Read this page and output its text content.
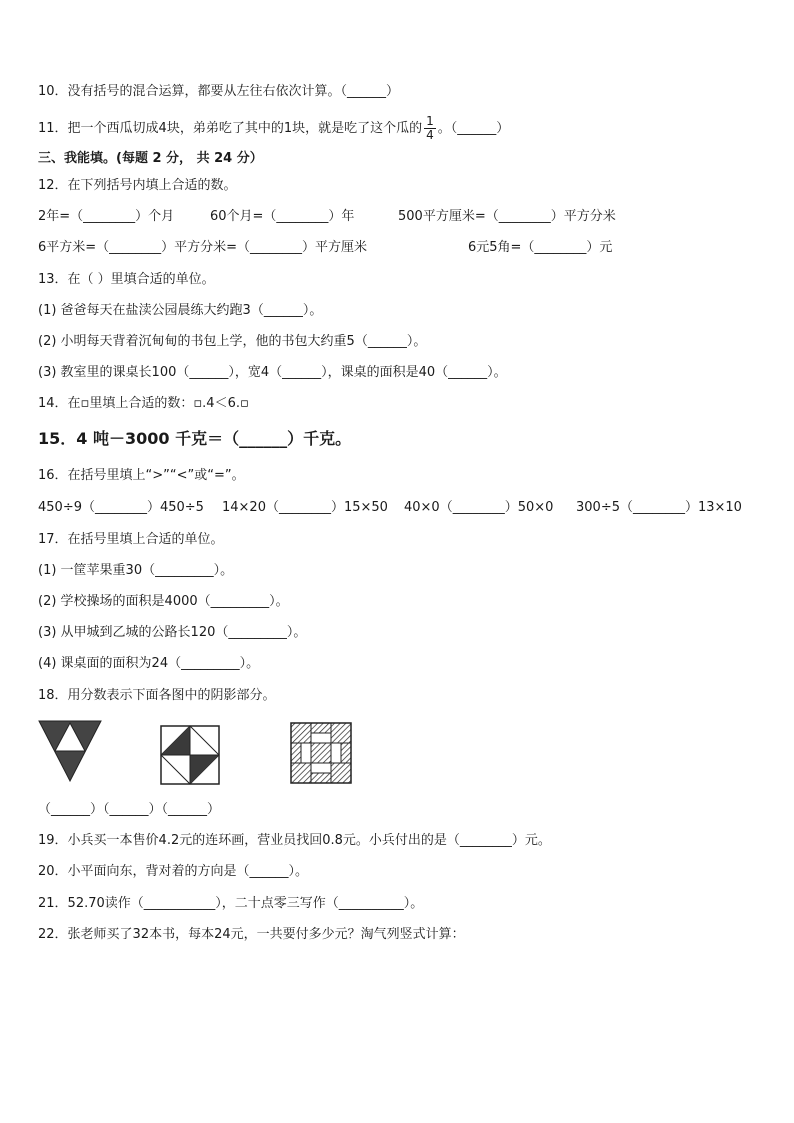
10．没有括号的混合运算，都要从左往右依次计算。（______）
11．把一个西瓜切成4块，弟弟吃了其中的1块，就是吃了这个瓜的 $\frac{1}{4}$ 。（______）
三、我能填。(每题 2 分， 共 24 分）
12．在下列括号内填上合适的数。
2年=（________）个月	60个月=（________）年	500平方厘米=（________）平方分米
6平方米=（________）平方分米=（________）平方厘米	6元5角=（________）元
13．在（ ）里填合适的单位。
(1) 爸爸每天在盐渎公园晨练大约跑3（______）。
(2) 小明每天背着沉甸甸的书包上学，他的书包大约重5（______）。
(3) 教室里的课桌长100（______），宽4（______），课桌的面积是40（______）。
14．在▫里填上合适的数：▫.4＜6.▫
15．4 吨－3000 千克＝（______）千克。
16．在括号里填上“>”“<”或“=”。
450÷9（________）450÷5 14×20（________）15×50 40×0（________）50×0 300÷5（________）13×10
17．在括号里填上合适的单位。
(1) 一筐苹果重30（_________）。
(2) 学校操场的面积是4000（_________）。
(3) 从甲城到乙城的公路长120（_________）。
(4) 课桌面的面积为24（_________）。
18．用分数表示下面各图中的阴影部分。
（______）（______）（______）
19．小兵买一本售价4.2元的连环画，营业员找回0.8元。小兵付出的是（________）元。
20．小平面向东，背对着的方向是（______）。
21．52.70读作（___________），二十点零三写作（__________）。
22．张老师买了32本书，每本24元，一共要付多少元？淘气列竖式计算：
